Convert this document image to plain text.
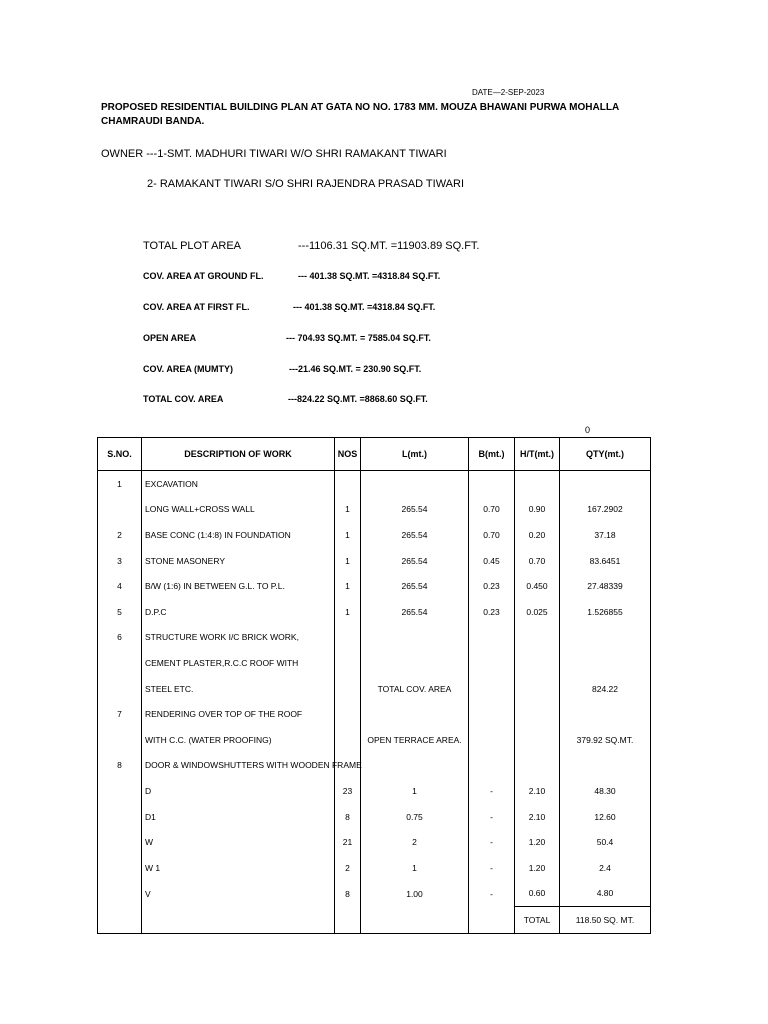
DATE—2-SEP-2023
PROPOSED RESIDENTIAL BUILDING PLAN AT GATA NO NO. 1783 MM. MOUZA BHAWANI PURWA MOHALLA CHAMRAUDI BANDA.
OWNER ---1-SMT. MADHURI TIWARI W/O SHRI RAMAKANT TIWARI
2- RAMAKANT TIWARI S/O SHRI RAJENDRA PRASAD TIWARI
TOTAL PLOT AREA	---1106.31 SQ.MT. =11903.89 SQ.FT.
COV. AREA AT GROUND FL.	--- 401.38 SQ.MT. =4318.84 SQ.FT.
COV. AREA AT FIRST FL.	--- 401.38 SQ.MT. =4318.84 SQ.FT.
OPEN AREA	--- 704.93 SQ.MT. = 7585.04 SQ.FT.
COV. AREA (MUMTY)	---21.46 SQ.MT. = 230.90 SQ.FT.
TOTAL COV. AREA	---824.22 SQ.MT. =8868.60 SQ.FT.
0
S.NO.	DESCRIPTION OF WORK	NOS	L(mt.)	B(mt.)	H/T(mt.)	QTY(mt.)
1	EXCAVATION					
	LONG WALL+CROSS WALL	1	265.54	0.70	0.90	167.2902
2	BASE CONC (1:4:8) IN FOUNDATION	1	265.54	0.70	0.20	37.18
3	STONE MASONERY	1	265.54	0.45	0.70	83.6451
4	B/W (1:6) IN BETWEEN G.L. TO P.L.	1	265.54	0.23	0.450	27.48339
5	D.P.C	1	265.54	0.23	0.025	1.526855
6	STRUCTURE WORK I/C BRICK WORK,					
	CEMENT PLASTER,R.C.C ROOF WITH					
	STEEL ETC.		TOTAL COV. AREA			824.22
7	RENDERING OVER TOP OF THE ROOF					
	WITH C.C. (WATER PROOFING)		OPEN TERRACE AREA.			379.92 SQ.MT.
8	DOOR & WINDOWSHUTTERS WITH WOODEN FRAME					
	D	23	1	-	2.10	48.30
	D1	8	0.75	-	2.10	12.60
	W	21	2	-	1.20	50.4
	W 1	2	1	-	1.20	2.4
	V	8	1.00	-	0.60	4.80
					TOTAL	118.50 SQ. MT.
